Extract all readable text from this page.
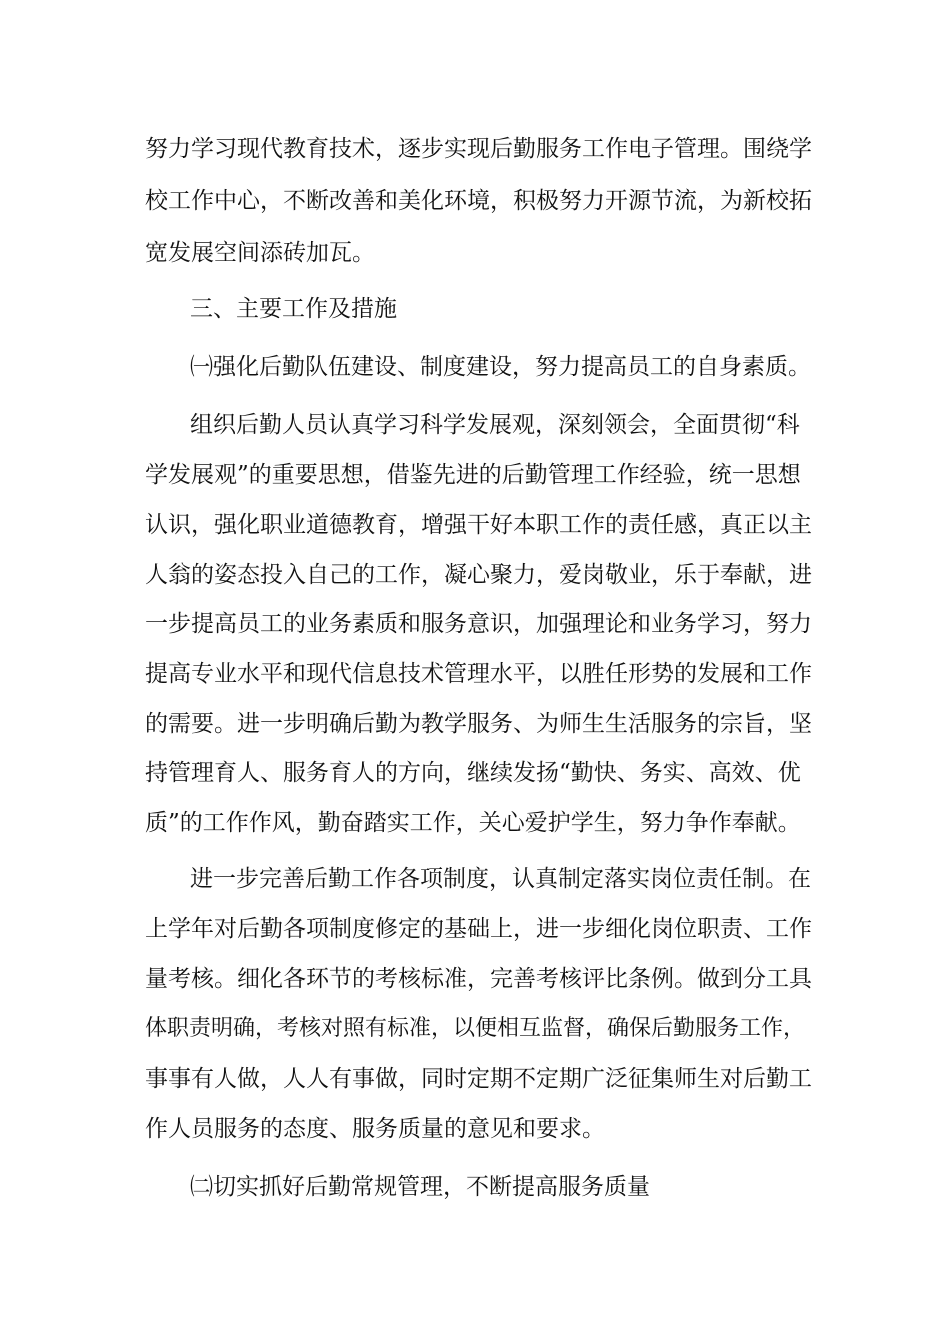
努力学习现代教育技术，逐步实现后勤服务工作电子管理。围绕学
校工作中心，不断改善和美化环境，积极努力开源节流，为新校拓
宽发展空间添砖加瓦。
三、主要工作及措施
㈠强化后勤队伍建设、制度建设，努力提高员工的自身素质。
组织后勤人员认真学习科学发展观，深刻领会，全面贯彻“科
学发展观”的重要思想，借鉴先进的后勤管理工作经验，统一思想
认识，强化职业道德教育，增强干好本职工作的责任感，真正以主
人翁的姿态投入自己的工作，凝心聚力，爱岗敬业，乐于奉献，进
一步提高员工的业务素质和服务意识，加强理论和业务学习，努力
提高专业水平和现代信息技术管理水平，以胜任形势的发展和工作
的需要。进一步明确后勤为教学服务、为师生生活服务的宗旨，坚
持管理育人、服务育人的方向，继续发扬“勤快、务实、高效、优
质”的工作作风，勤奋踏实工作，关心爱护学生，努力争作奉献。
进一步完善后勤工作各项制度，认真制定落实岗位责任制。在
上学年对后勤各项制度修定的基础上，进一步细化岗位职责、工作
量考核。细化各环节的考核标准，完善考核评比条例。做到分工具
体职责明确，考核对照有标准，以便相互监督，确保后勤服务工作，
事事有人做，人人有事做，同时定期不定期广泛征集师生对后勤工
作人员服务的态度、服务质量的意见和要求。
㈡切实抓好后勤常规管理，不断提高服务质量
